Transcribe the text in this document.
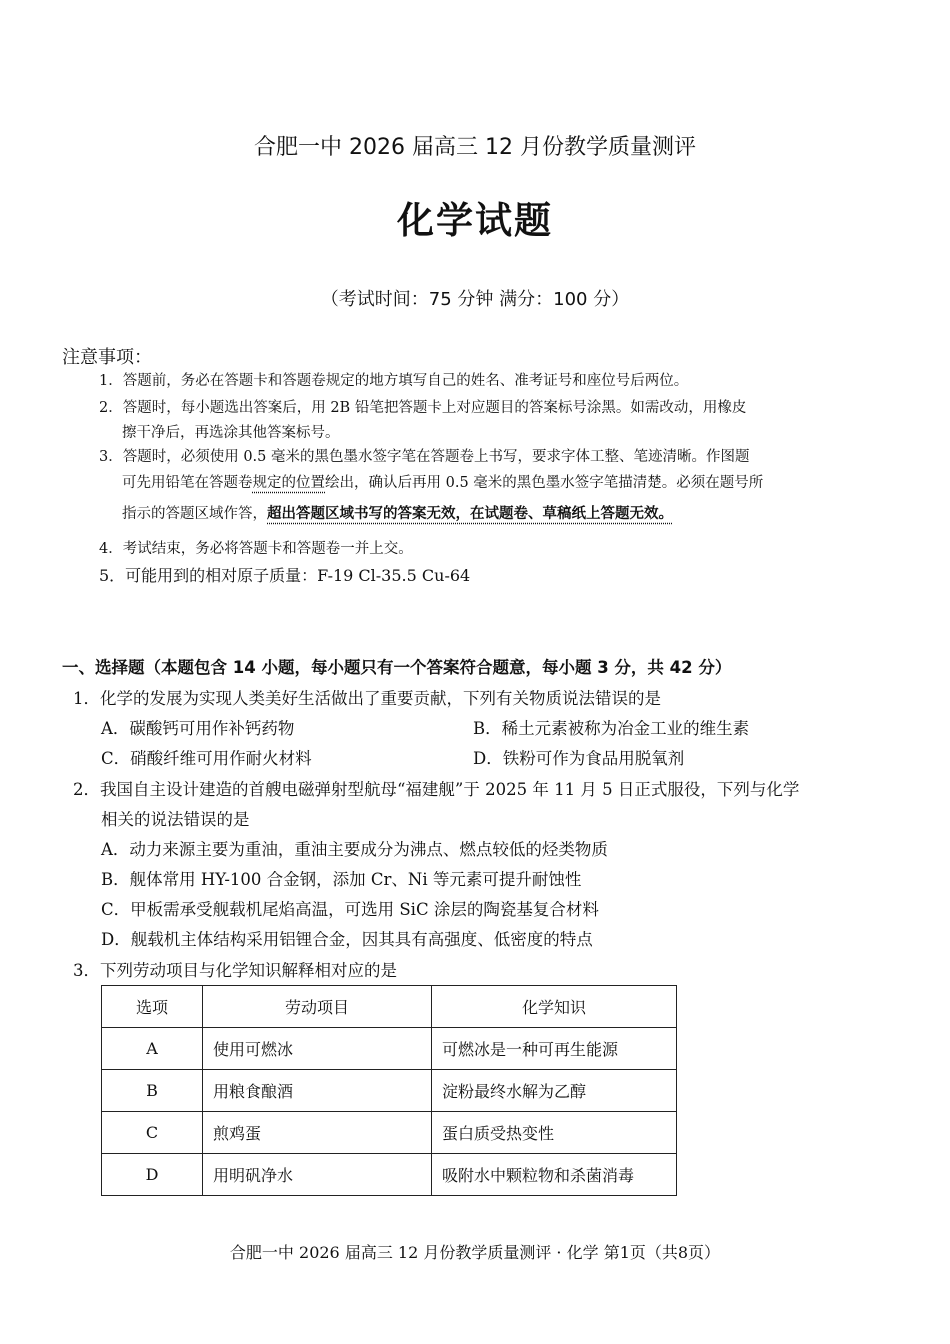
合肥一中 2026 届高三 12 月份教学质量测评
化学试题
（考试时间：75 分钟 满分：100 分）
注意事项：
1．答题前，务必在答题卡和答题卷规定的地方填写自己的姓名、准考证号和座位号后两位。
2．答题时，每小题选出答案后，用 2B 铅笔把答题卡上对应题目的答案标号涂黑。如需改动，用橡皮
擦干净后，再选涂其他答案标号。
3．答题时，必须使用 0.5 毫米的黑色墨水签字笔在答题卷上书写，要求字体工整、笔迹清晰。作图题
可先用铅笔在答题卷规定的位置绘出，确认后再用 0.5 毫米的黑色墨水签字笔描清楚。必须在题号所
指示的答题区域作答，超出答题区域书写的答案无效，在试题卷、草稿纸上答题无效。
4．考试结束，务必将答题卡和答题卷一并上交。
5．可能用到的相对原子质量：F-19 Cl-35.5 Cu-64
一、选择题（本题包含 14 小题，每小题只有一个答案符合题意，每小题 3 分，共 42 分）
1．化学的发展为实现人类美好生活做出了重要贡献，下列有关物质说法错误的是
A．碳酸钙可用作补钙药物	B．稀土元素被称为冶金工业的维生素
C．硝酸纤维可用作耐火材料	D．铁粉可作为食品用脱氧剂
2．我国自主设计建造的首艘电磁弹射型航母“福建舰”于 2025 年 11 月 5 日正式服役，下列与化学
相关的说法错误的是
A．动力来源主要为重油，重油主要成分为沸点、燃点较低的烃类物质
B．舰体常用 HY-100 合金钢，添加 Cr、Ni 等元素可提升耐蚀性
C．甲板需承受舰载机尾焰高温，可选用 SiC 涂层的陶瓷基复合材料
D．舰载机主体结构采用铝锂合金，因其具有高强度、低密度的特点
3．下列劳动项目与化学知识解释相对应的是
选项	劳动项目	化学知识
A	使用可燃冰	可燃冰是一种可再生能源
B	用粮食酿酒	淀粉最终水解为乙醇
C	煎鸡蛋	蛋白质受热变性
D	用明矾净水	吸附水中颗粒物和杀菌消毒
合肥一中 2026 届高三 12 月份教学质量测评 · 化学 第1页（共8页）
